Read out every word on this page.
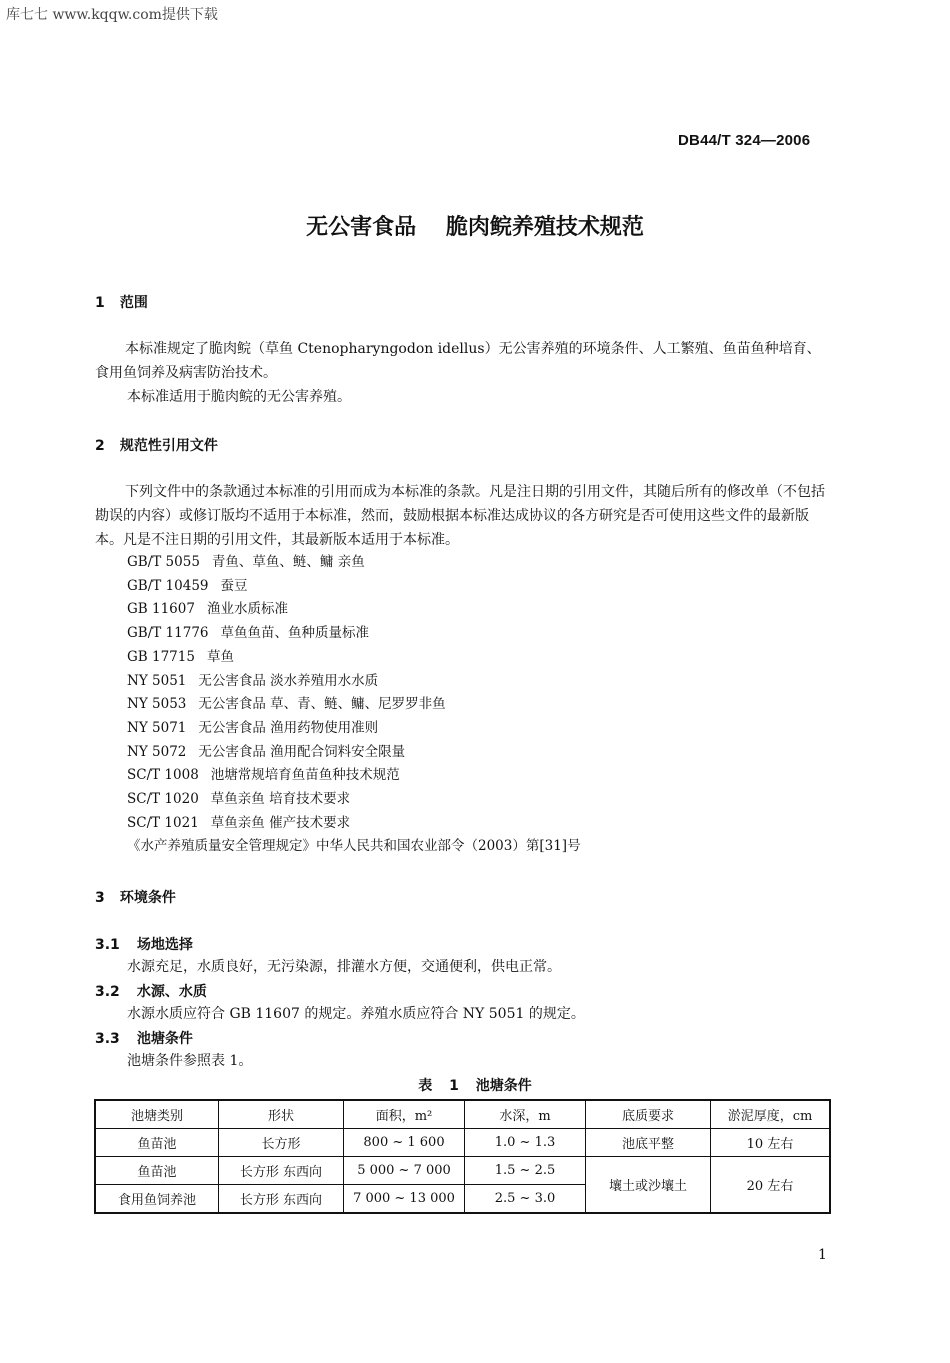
库七七 www.kqqw.com提供下载
DB44/T 324—2006
无公害食品 脆肉鲩养殖技术规范
1 范围

本标准规定了脆肉鲩（草鱼 Ctenopharyngodon idellus）无公害养殖的环境条件、人工繁殖、鱼苗鱼种培育、食用鱼饲养及病害防治技术。

本标准适用于脆肉鲩的无公害养殖。
2 规范性引用文件

下列文件中的条款通过本标准的引用而成为本标准的条款。凡是注日期的引用文件，其随后所有的修改单（不包括勘误的内容）或修订版均不适用于本标准，然而，鼓励根据本标准达成协议的各方研究是否可使用这些文件的最新版本。凡是不注日期的引用文件，其最新版本适用于本标准。

GB/T 5055 青鱼、草鱼、鲢、鳙 亲鱼
GB/T 10459 蚕豆
GB 11607 渔业水质标准
GB/T 11776 草鱼鱼苗、鱼种质量标准
GB 17715 草鱼
NY 5051 无公害食品 淡水养殖用水水质
NY 5053 无公害食品 草、青、鲢、鳙、尼罗罗非鱼
NY 5071 无公害食品 渔用药物使用准则
NY 5072 无公害食品 渔用配合饲料安全限量
SC/T 1008 池塘常规培育鱼苗鱼种技术规范
SC/T 1020 草鱼亲鱼 培育技术要求
SC/T 1021 草鱼亲鱼 催产技术要求
《水产养殖质量安全管理规定》中华人民共和国农业部令（2003）第[31]号
3 环境条件
3.1 场地选择
水源充足，水质良好，无污染源，排灌水方便，交通便利，供电正常。
3.2 水源、水质
水源水质应符合 GB 11607 的规定。养殖水质应符合 NY 5051 的规定。
3.3 池塘条件
池塘条件参照表 1。
表 1 池塘条件
池塘类别	形状	面积，m²	水深，m	底质要求	淤泥厚度，cm
鱼苗池	长方形	800 ~ 1 600	1.0 ~ 1.3	池底平整	10 左右
鱼苗池	长方形 东西向	5 000 ~ 7 000	1.5 ~ 2.5	壤土或沙壤土	20 左右
食用鱼饲养池	长方形 东西向	7 000 ~ 13 000	2.5 ~ 3.0		
1
